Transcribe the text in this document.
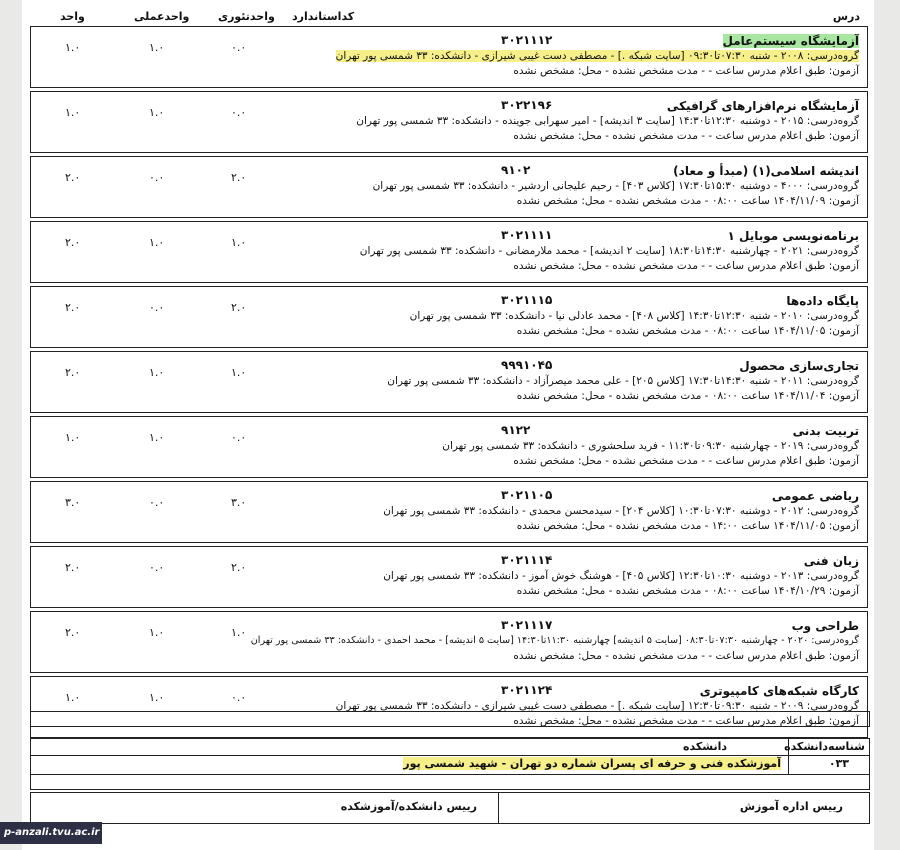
درس
کداستاندارد
واحدتئوری
واحدعملی
واحد
آزمایشگاه سیستم‌عامل
گروه‌درسی: ۲۰۰۸ - شنبه ۰۷:۳۰تا۰۹:۳۰ [سایت شبکه .] - مصطفی دست غیبی شیرازی - دانشکده: ۳۳ شمسی پور تهران
آزمون: طبق اعلام مدرس ساعت - - مدت مشخص نشده - محل: مشخص نشده
۳۰۲۱۱۱۲
۰.۰
۱.۰
۱.۰
آزمایشگاه نرم‌افزارهای گرافیکی
گروه‌درسی: ۲۰۱۵ - دوشنبه ۱۲:۳۰تا۱۴:۳۰ [سایت ۳ اندیشه] - امیر سهرابی جوینده - دانشکده: ۳۳ شمسی پور تهران
آزمون: طبق اعلام مدرس ساعت - - مدت مشخص نشده - محل: مشخص نشده
۳۰۲۲۱۹۶
۰.۰
۱.۰
۱.۰
اندیشه اسلامی(۱) (مبدأ و معاد)
گروه‌درسی: ۴۰۰۰ - دوشنبه ۱۵:۳۰تا۱۷:۳۰ [کلاس ۴۰۳] - رحیم علیجانی اردشیر - دانشکده: ۳۳ شمسی پور تهران
آزمون: ۱۴۰۴/۱۱/۰۹ ساعت ۰۸:۰۰ - مدت مشخص نشده - محل: مشخص نشده
۹۱۰۲
۲.۰
۰.۰
۲.۰
برنامه‌نویسی موبایل ۱
گروه‌درسی: ۲۰۲۱ - چهارشنبه ۱۴:۳۰تا۱۸:۳۰ [سایت ۲ اندیشه] - محمد ملارمضانی - دانشکده: ۳۳ شمسی پور تهران
آزمون: طبق اعلام مدرس ساعت - - مدت مشخص نشده - محل: مشخص نشده
۳۰۲۱۱۱۱
۱.۰
۱.۰
۲.۰
پایگاه داده‌ها
گروه‌درسی: ۲۰۱۰ - شنبه ۱۲:۳۰تا۱۴:۳۰ [کلاس ۴۰۸] - محمد عادلی نیا - دانشکده: ۳۳ شمسی پور تهران
آزمون: ۱۴۰۴/۱۱/۰۵ ساعت ۰۸:۰۰ - مدت مشخص نشده - محل: مشخص نشده
۳۰۲۱۱۱۵
۲.۰
۰.۰
۲.۰
تجاری‌سازی محصول
گروه‌درسی: ۲۰۱۱ - شنبه ۱۴:۳۰تا۱۷:۳۰ [کلاس ۲۰۵] - علی محمد میصرآزاد - دانشکده: ۳۳ شمسی پور تهران
آزمون: ۱۴۰۴/۱۱/۰۴ ساعت ۰۸:۰۰ - مدت مشخص نشده - محل: مشخص نشده
۹۹۹۱۰۴۵
۱.۰
۱.۰
۲.۰
تربیت بدنی
گروه‌درسی: ۲۰۱۹ - چهارشنبه ۰۹:۳۰تا۱۱:۳۰ - فرید سلحشوری - دانشکده: ۳۳ شمسی پور تهران
آزمون: طبق اعلام مدرس ساعت - - مدت مشخص نشده - محل: مشخص نشده
۹۱۲۲
۰.۰
۱.۰
۱.۰
ریاضی عمومی
گروه‌درسی: ۲۰۱۲ - دوشنبه ۰۷:۳۰تا۱۰:۳۰ [کلاس ۲۰۴] - سیدمحسن محمدی - دانشکده: ۳۳ شمسی پور تهران
آزمون: ۱۴۰۴/۱۱/۰۵ ساعت ۱۴:۰۰ - مدت مشخص نشده - محل: مشخص نشده
۳۰۲۱۱۰۵
۳.۰
۰.۰
۳.۰
زبان فنی
گروه‌درسی: ۲۰۱۳ - دوشنبه ۱۰:۳۰تا۱۲:۳۰ [کلاس ۴۰۵] - هوشنگ خوش آموز - دانشکده: ۳۳ شمسی پور تهران
آزمون: ۱۴۰۴/۱۰/۲۹ ساعت ۰۸:۰۰ - مدت مشخص نشده - محل: مشخص نشده
۳۰۲۱۱۱۴
۲.۰
۰.۰
۲.۰
طراحی وب
گروه‌درسی: ۲۰۲۰ - چهارشنبه ۰۷:۳۰تا۰۸:۳۰ [سایت ۵ اندیشه] چهارشنبه ۱۱:۳۰تا۱۴:۳۰ [سایت ۵ اندیشه] - محمد احمدی - دانشکده: ۳۳ شمسی پور تهران
آزمون: طبق اعلام مدرس ساعت - - مدت مشخص نشده - محل: مشخص نشده
۳۰۲۱۱۱۷
۱.۰
۱.۰
۲.۰
کارگاه شبکه‌های کامپیوتری
گروه‌درسی: ۲۰۰۹ - شنبه ۰۹:۳۰تا۱۲:۳۰ [سایت شبکه .] - مصطفی دست غیبی شیرازی - دانشکده: ۳۳ شمسی پور تهران
آزمون: طبق اعلام مدرس ساعت - - مدت مشخص نشده - محل: مشخص نشده
۳۰۲۱۱۲۴
۰.۰
۱.۰
۱.۰
شناسه‌دانشکده
دانشکده
۰۳۳
آموزشکده فنی و حرفه ای پسران شماره دو تهران - شهید شمسی پور
رییس اداره آموزش
رییس دانشکده/آموزشکده
p-anzali.tvu.ac.ir
